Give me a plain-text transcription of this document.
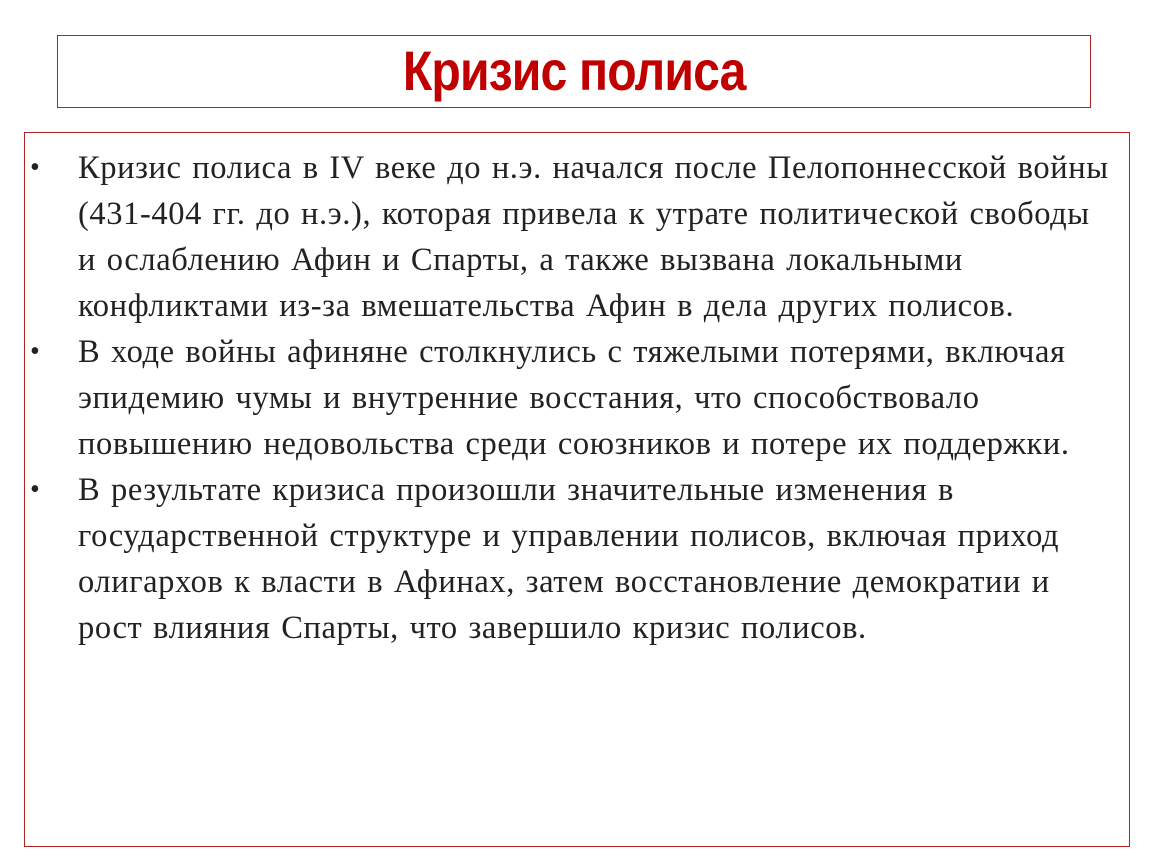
Кризис полиса
• Кризис полиса в IV веке до н.э. начался после Пелопоннесской войны (431-404 гг. до н.э.), которая привела к утрате политической свободы и ослаблению Афин и Спарты, а также вызвана локальными конфликтами из-за вмешательства Афин в дела других полисов.
• В ходе войны афиняне столкнулись с тяжелыми потерями, включая эпидемию чумы и внутренние восстания, что способствовало повышению недовольства среди союзников и потере их поддержки.
• В результате кризиса произошли значительные изменения в государственной структуре и управлении полисов, включая приход олигархов к власти в Афинах, затем восстановление демократии и рост влияния Спарты, что завершило кризис полисов.
